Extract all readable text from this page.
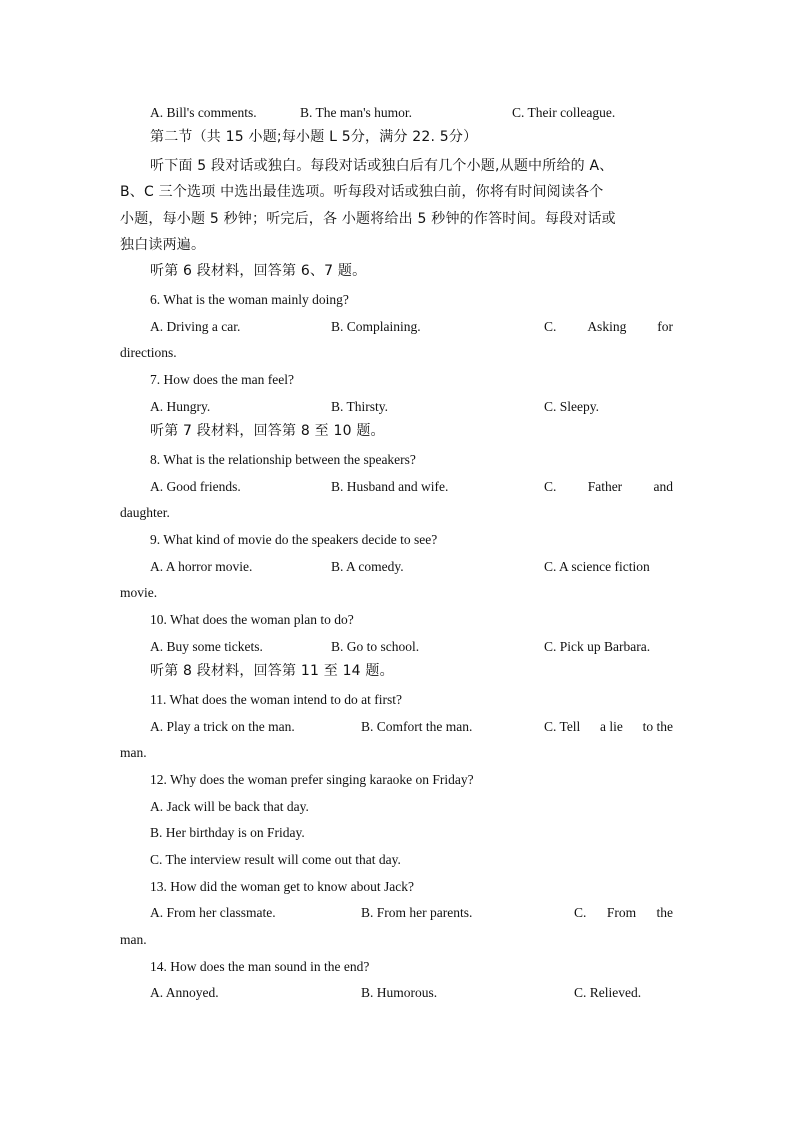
A. Bill's comments.	B. The man's humor.	C. Their colleague.
第二节（共 15 小题;每小题 L 5分，满分 22. 5分）
听下面 5 段对话或独白。每段对话或独白后有几个小题,从题中所给的 A、
B、C 三个选项 中选出最佳选项。听每段对话或独白前，你将有时间阅读各个
小题，每小题 5 秒钟；听完后，各 小题将给出 5 秒钟的作答时间。每段对话或
独白读两遍。
听第 6 段材料，回答第 6、7 题。
6. What is the woman mainly doing?
A. Driving a car.	B. Complaining.	C. Asking for
directions.
7. How does the man feel?
A. Hungry.	B. Thirsty.	C. Sleepy.
听第 7 段材料，回答第 8 至 10 题。
8. What is the relationship between the speakers?
A. Good friends.	B. Husband and wife.	C. Father and
daughter.
9. What kind of movie do the speakers decide to see?
A. A horror movie.	B. A comedy.	C. A science fiction
movie.
10. What does the woman plan to do?
A. Buy some tickets.	B. Go to school.	C. Pick up Barbara.
听第 8 段材料，回答第 11 至 14 题。
11. What does the woman intend to do at first?
A. Play a trick on the man.	B. Comfort the man.	C. Tell a lie to the
man.
12. Why does the woman prefer singing karaoke on Friday?
A. Jack will be back that day.
B. Her birthday is on Friday.
C. The interview result will come out that day.
13. How did the woman get to know about Jack?
A. From her classmate.	B. From her parents.	C. From the
man.
14. How does the man sound in the end?
A. Annoyed.	B. Humorous.	C. Relieved.
